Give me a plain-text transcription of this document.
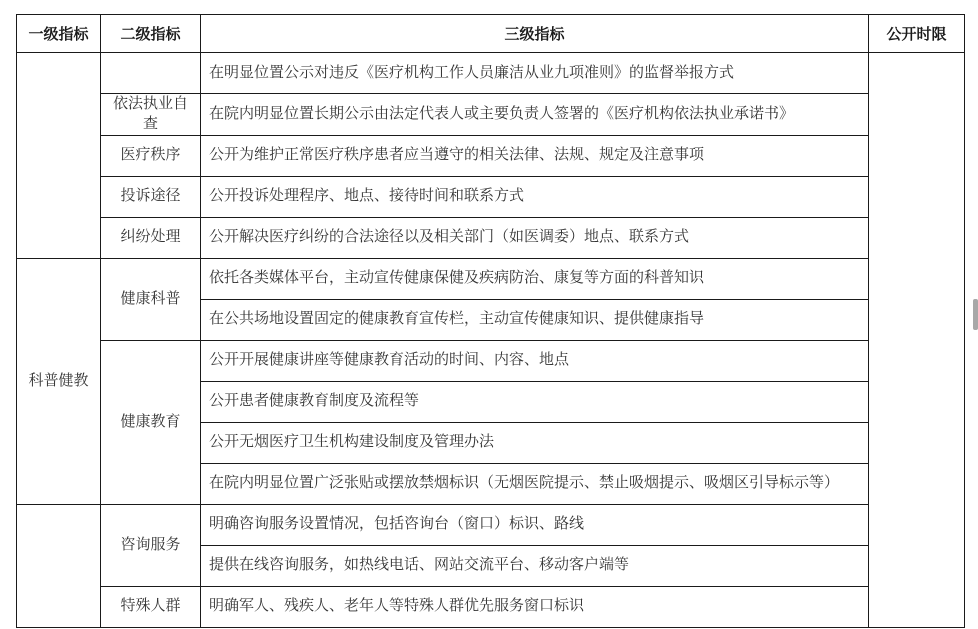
一级指标	二级指标	三级指标	公开时限
		在明显位置公示对违反《医疗机构工作人员廉洁从业九项准则》的监督举报方式	
	依法执业自查	在院内明显位置长期公示由法定代表人或主要负责人签署的《医疗机构依法执业承诺书》	
	医疗秩序	公开为维护正常医疗秩序患者应当遵守的相关法律、法规、规定及注意事项	
	投诉途径	公开投诉处理程序、地点、接待时间和联系方式	
	纠纷处理	公开解决医疗纠纷的合法途径以及相关部门（如医调委）地点、联系方式	
科普健教	健康科普	依托各类媒体平台，主动宣传健康保健及疾病防治、康复等方面的科普知识	
		在公共场地设置固定的健康教育宣传栏，主动宣传健康知识、提供健康指导	
	健康教育	公开开展健康讲座等健康教育活动的时间、内容、地点	
		公开患者健康教育制度及流程等	
		公开无烟医疗卫生机构建设制度及管理办法	
		在院内明显位置广泛张贴或摆放禁烟标识（无烟医院提示、禁止吸烟提示、吸烟区引导标示等）	
	咨询服务	明确咨询服务设置情况，包括咨询台（窗口）标识、路线	
		提供在线咨询服务，如热线电话、网站交流平台、移动客户端等	
	特殊人群	明确军人、残疾人、老年人等特殊人群优先服务窗口标识	
